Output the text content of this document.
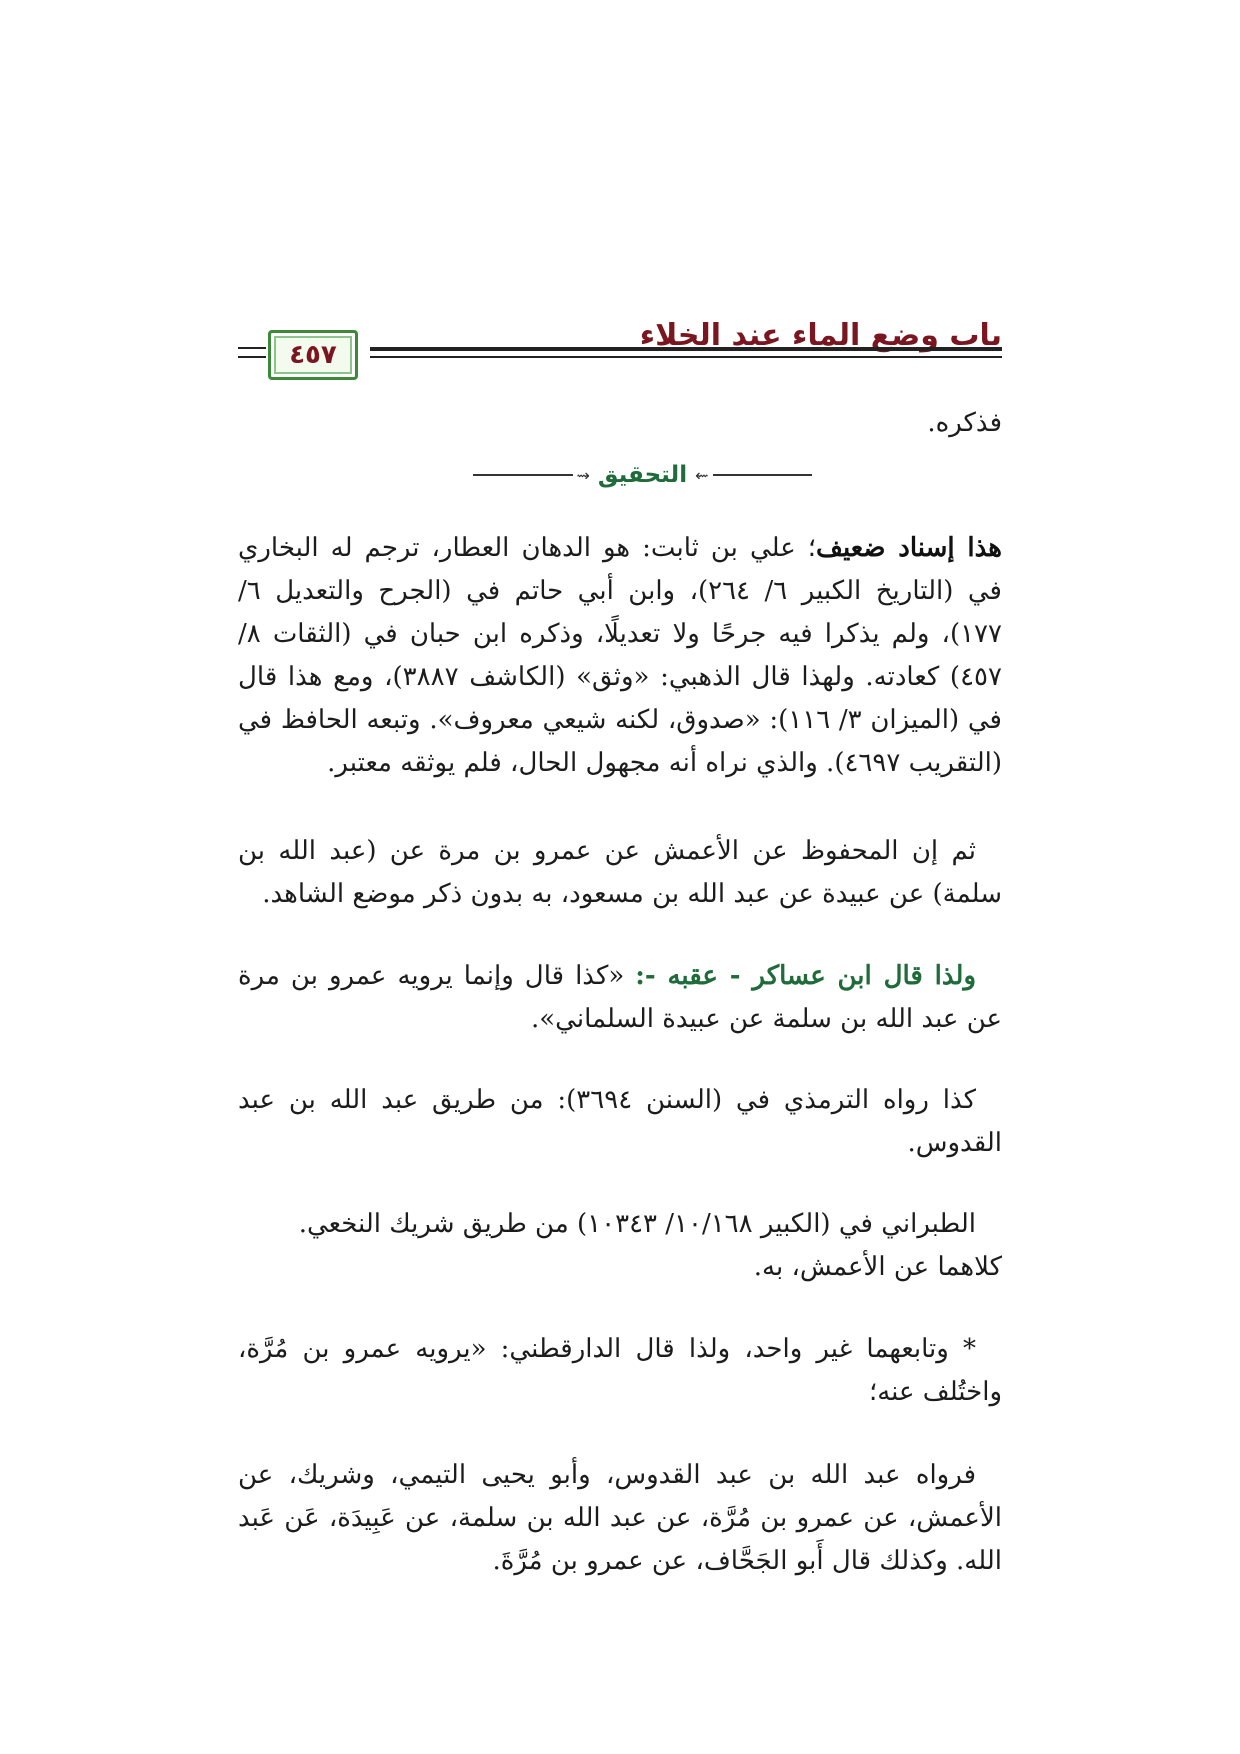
باب وضع الماء عند الخلاء
٤٥٧
فذكره.
⇝ التحقيق ⇜
هذا إسناد ضعيف؛ علي بن ثابت: هو الدهان العطار، ترجم له البخاري في (التاريخ الكبير ٦/ ٢٦٤)، وابن أبي حاتم في (الجرح والتعديل ٦/ ١٧٧)، ولم يذكرا فيه جرحًا ولا تعديلًا، وذكره ابن حبان في (الثقات ٨/ ٤٥٧) كعادته. ولهذا قال الذهبي: «وثق» (الكاشف ٣٨٨٧)، ومع هذا قال في (الميزان ٣/ ١١٦): «صدوق، لكنه شيعي معروف». وتبعه الحافظ في (التقريب ٤٦٩٧). والذي نراه أنه مجهول الحال، فلم يوثقه معتبر.
ثم إن المحفوظ عن الأعمش عن عمرو بن مرة عن (عبد الله بن سلمة) عن عبيدة عن عبد الله بن مسعود، به بدون ذكر موضع الشاهد.
ولذا قال ابن عساكر - عقبه -: «كذا قال وإنما يرويه عمرو بن مرة عن عبد الله بن سلمة عن عبيدة السلماني».
كذا رواه الترمذي في (السنن ٣٦٩٤): من طريق عبد الله بن عبد القدوس.
الطبراني في (الكبير ١٠/١٦٨/ ١٠٣٤٣) من طريق شريك النخعي.
كلاهما عن الأعمش، به.
* وتابعهما غير واحد، ولذا قال الدارقطني: «يرويه عمرو بن مُرَّة، واختُلف عنه؛
فرواه عبد الله بن عبد القدوس، وأبو يحيى التيمي، وشريك، عن الأعمش، عن عمرو بن مُرَّة، عن عبد الله بن سلمة، عن عَبِيدَة، عَن عَبد الله. وكذلك قال أَبو الجَحَّاف، عن عمرو بن مُرَّةَ.
